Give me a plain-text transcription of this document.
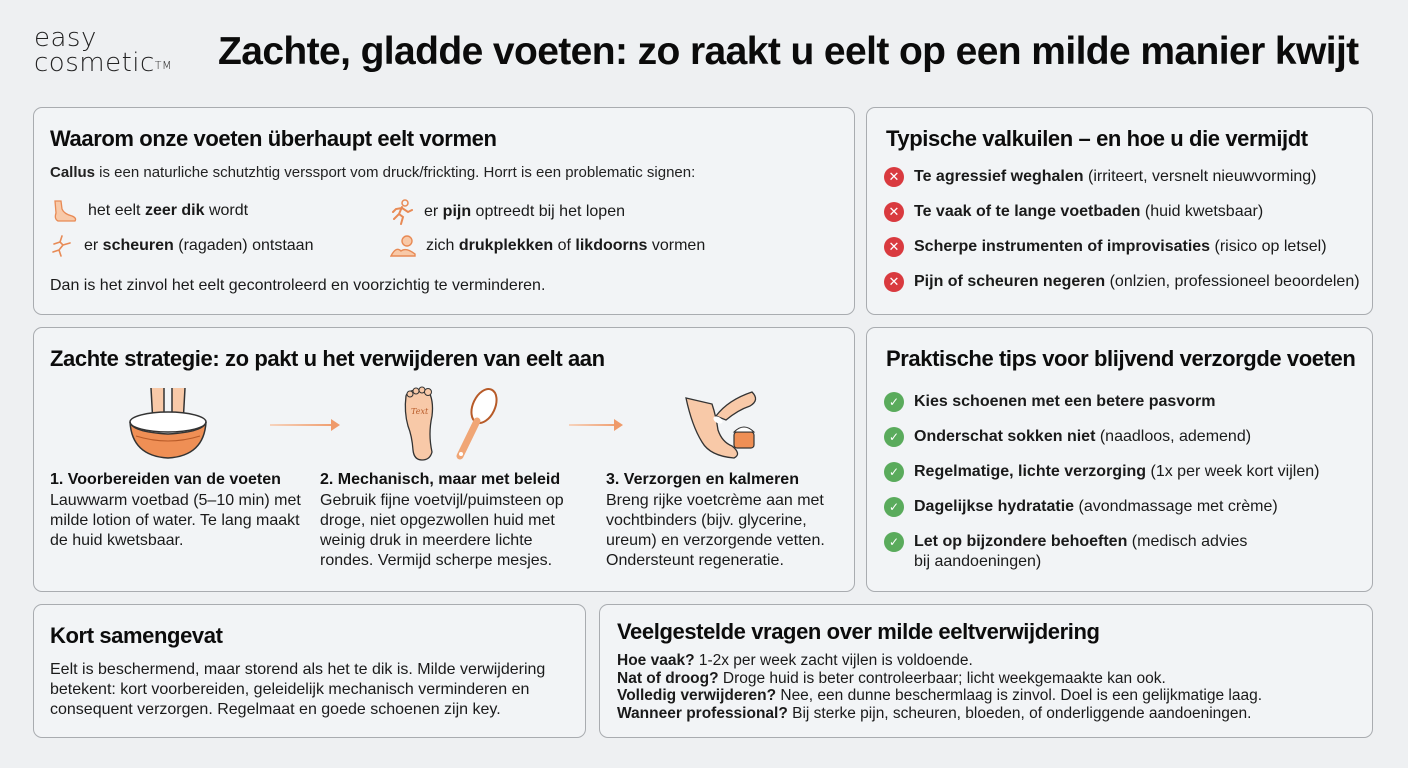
easy
cosmetic™ Zachte, gladde voeten: zo raakt u eelt op een milde manier kwijt
Waarom onze voeten überhaupt eelt vormen
Callus is een naturliche schutzhtig verssport vom druck/frickting. Horrt is een problematic signen:
het eelt zeer dik wordt	er pijn optreedt bij het lopen
er scheuren (ragaden) ontstaan	zich drukplekken of likdoorns vormen
Dan is het zinvol het eelt gecontroleerd en voorzichtig te verminderen.
Typische valkuilen – en hoe u die vermijdt
✕ Te agressief weghalen (irriteert, versnelt nieuwvorming)
✕ Te vaak of te lange voetbaden (huid kwetsbaar)
✕ Scherpe instrumenten of improvisaties (risico op letsel)
✕ Pijn of scheuren negeren (onlzien, professioneel beoordelen)
Zachte strategie: zo pakt u het verwijderen van eelt aan
Text
1. Voorbereiden van de voeten

Lauwwarm voetbad (5–10 min) met milde lotion of water. Te lang maakt de huid kwetsbaar.

2. Mechanisch, maar met beleid

Gebruik fijne voetvijl/puimsteen op droge, niet opgezwollen huid met weinig druk in meerdere lichte rondes. Vermijd scherpe mesjes.

3. Verzorgen en kalmeren

Breng rijke voetcrème aan met vochtbinders (bijv. glycerine, ureum) en verzorgende vetten. Ondersteunt regeneratie.

Praktische tips voor blijvend verzorgde voeten
✓ Kies schoenen met een betere pasvorm
✓ Onderschat sokken niet (naadloos, ademend)
✓ Regelmatige, lichte verzorging (1x per week kort vijlen)
✓ Dagelijkse hydratatie (avondmassage met crème)
✓ Let op bijzondere behoeften (medisch advies bij aandoeningen)
Kort samengevat

Eelt is beschermend, maar storend als het te dik is. Milde verwijdering betekent: kort voorbereiden, geleidelijk mechanisch verminderen en consequent verzorgen. Regelmaat en goede schoenen zijn key.

Veelgestelde vragen over milde eeltverwijdering
Hoe vaak? 1-2x per week zacht vijlen is voldoende.
Nat of droog? Droge huid is beter controleerbaar; licht weekgemaakte kan ook.
Volledig verwijderen? Nee, een dunne beschermlaag is zinvol. Doel is een gelijkmatige laag.
Wanneer professional? Bij sterke pijn, scheuren, bloeden, of onderliggende aandoeningen.
